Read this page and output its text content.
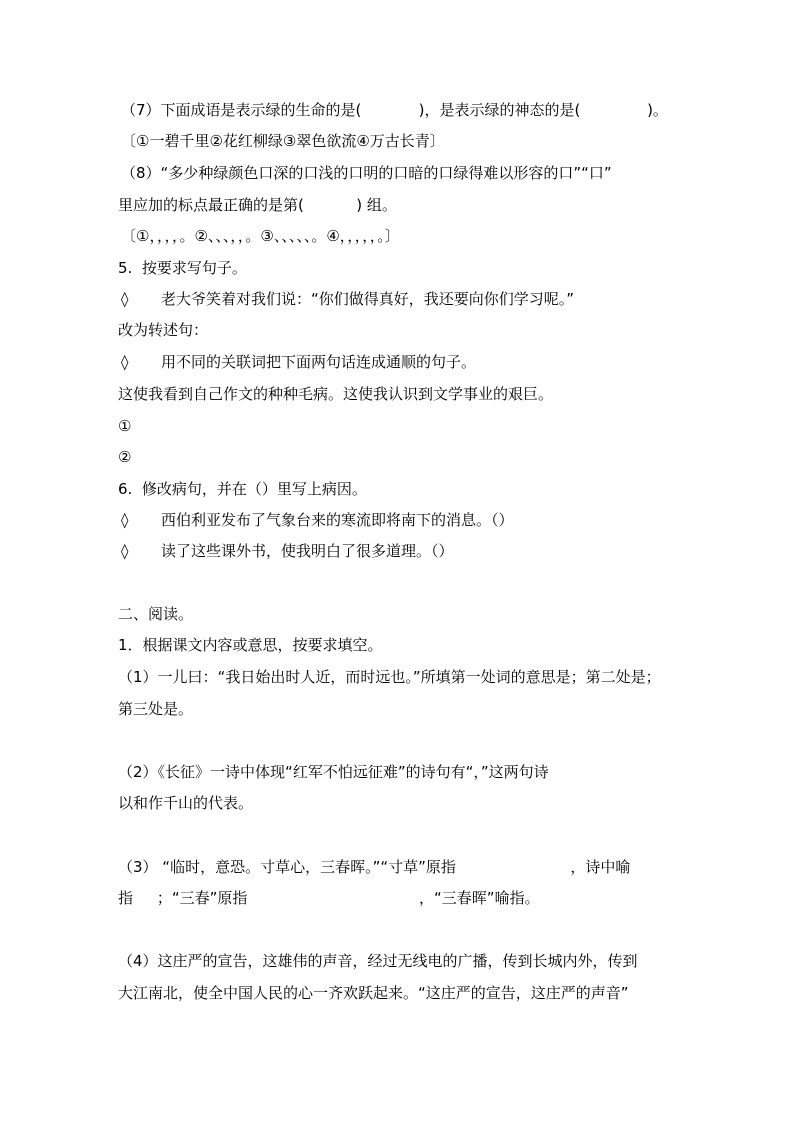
（7）下面成语是表示绿的生命的是(            )，是表示绿的神态的是(              )。
〔①一碧千里②花红柳绿③翠色欲流④万古长青〕
（8）“多少种绿颜色口深的口浅的口明的口暗的口绿得难以形容的口”“口”
里应加的标点最正确的是第(           ) 组。
〔①，，，，。②、、、，，。③、、、、、。④，，，，，。〕
5.  按要求写句子。
◊ 老大爷笑着对我们说：“你们做得真好，我还要向你们学习呢。”
改为转述句：
◊ 用不同的关联词把下面两句话连成通顺的句子。
这使我看到自己作文的种种毛病。这使我认识到文学事业的艰巨。
①
②
6.  修改病句，并在（）里写上病因。
◊ 西伯利亚发布了气象台来的寒流即将南下的消息。（）
◊ 读了这些课外书，使我明白了很多道理。（）
二、阅读。
1．根据课文内容或意思，按要求填空。
（1）一儿曰：“我日始出时人近，而时远也。”所填第一处词的意思是；第二处是；
第三处是。
（2）《长征》一诗中体现“红军不怕远征难”的诗句有“，”这两句诗
以和作千山的代表。
（3） “临时，意恐。寸草心，三春晖。”“寸草”原指                        ，诗中喻
指     ；“三春”原指                                    ，“三春晖”喻指。
（4）这庄严的宣告，这雄伟的声音，经过无线电的广播，传到长城内外，传到
大江南北，使全中国人民的心一齐欢跃起来。“这庄严的宣告，这庄严的声音”
